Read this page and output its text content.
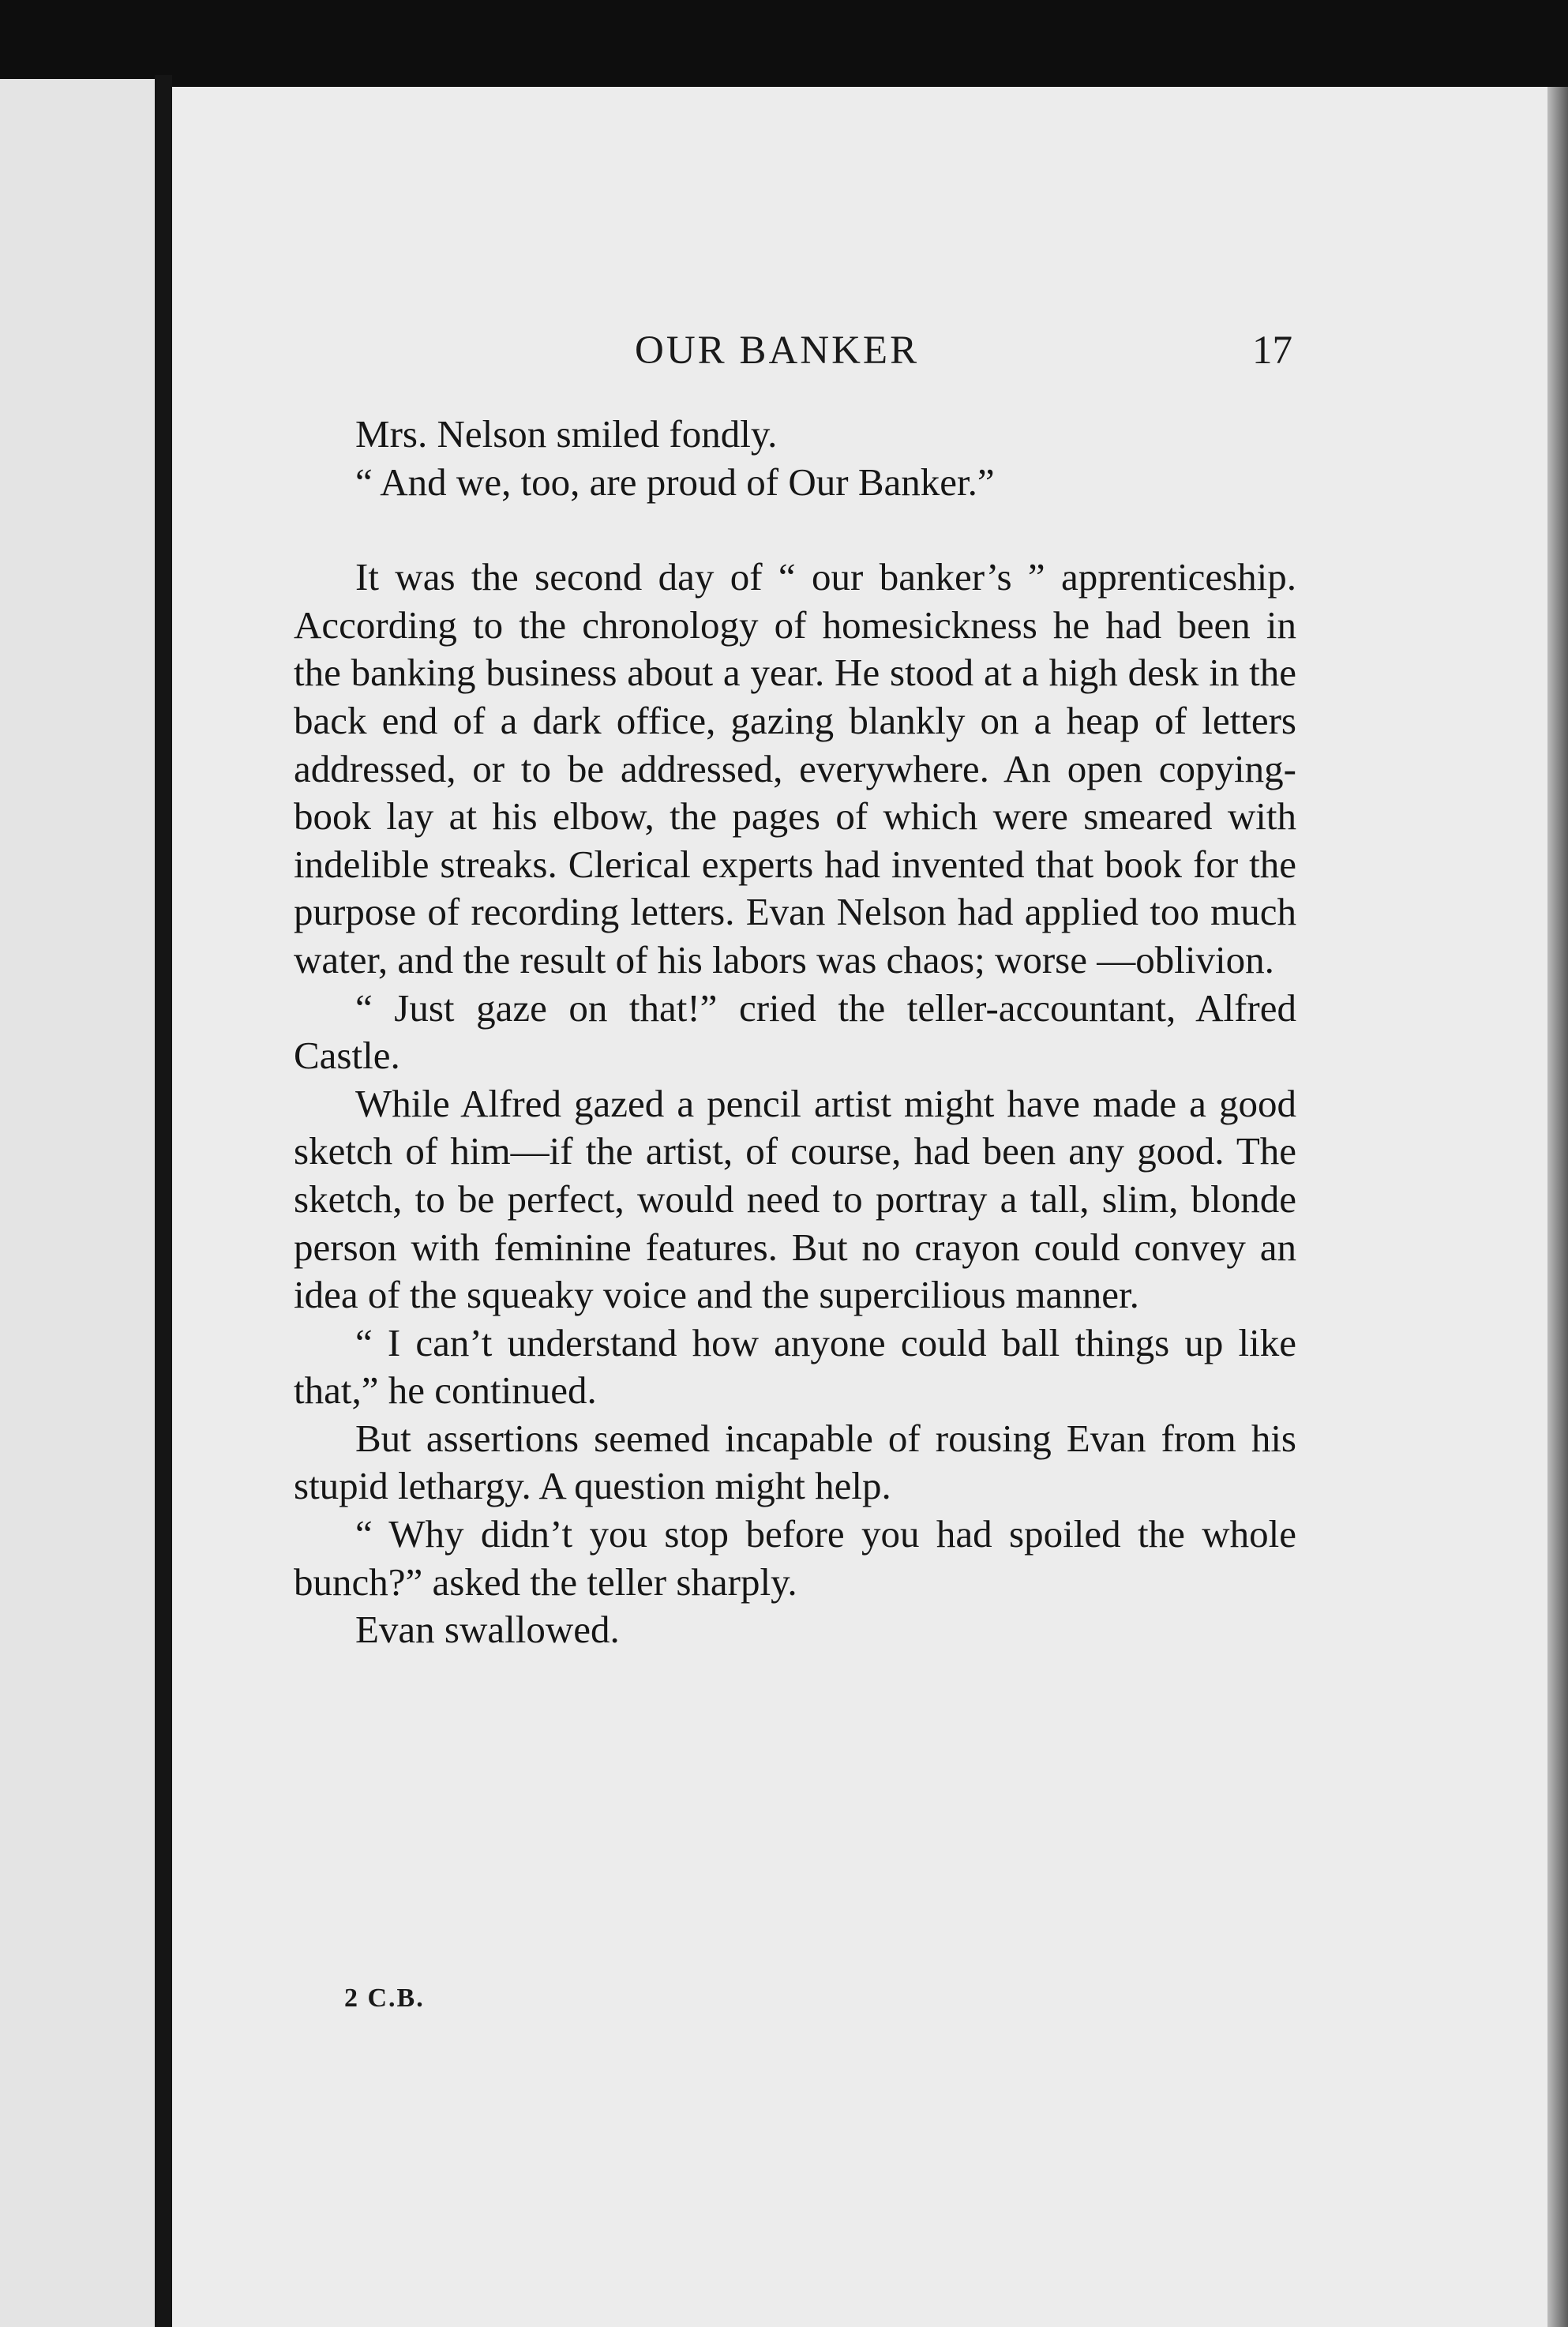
OUR BANKER	17

Mrs. Nelson smiled fondly.

“ And we, too, are proud of Our Banker.”

It was the second day of “ our banker’s ” apprenticeship. According to the chronology of homesickness he had been in the banking business about a year. He stood at a high desk in the back end of a dark office, gazing blankly on a heap of letters addressed, or to be addressed, everywhere. An open copying-book lay at his elbow, the pages of which were smeared with indelible streaks. Clerical experts had invented that book for the purpose of recording letters. Evan Nelson had applied too much water, and the result of his labors was chaos; worse —oblivion.

“ Just gaze on that!” cried the teller-accountant, Alfred Castle.

While Alfred gazed a pencil artist might have made a good sketch of him—if the artist, of course, had been any good. The sketch, to be perfect, would need to portray a tall, slim, blonde person with feminine features. But no crayon could convey an idea of the squeaky voice and the supercilious manner.

“ I can’t understand how anyone could ball things up like that,” he continued.

But assertions seemed incapable of rousing Evan from his stupid lethargy. A question might help.

“ Why didn’t you stop before you had spoiled the whole bunch?” asked the teller sharply.

Evan swallowed.

2 C.B.
